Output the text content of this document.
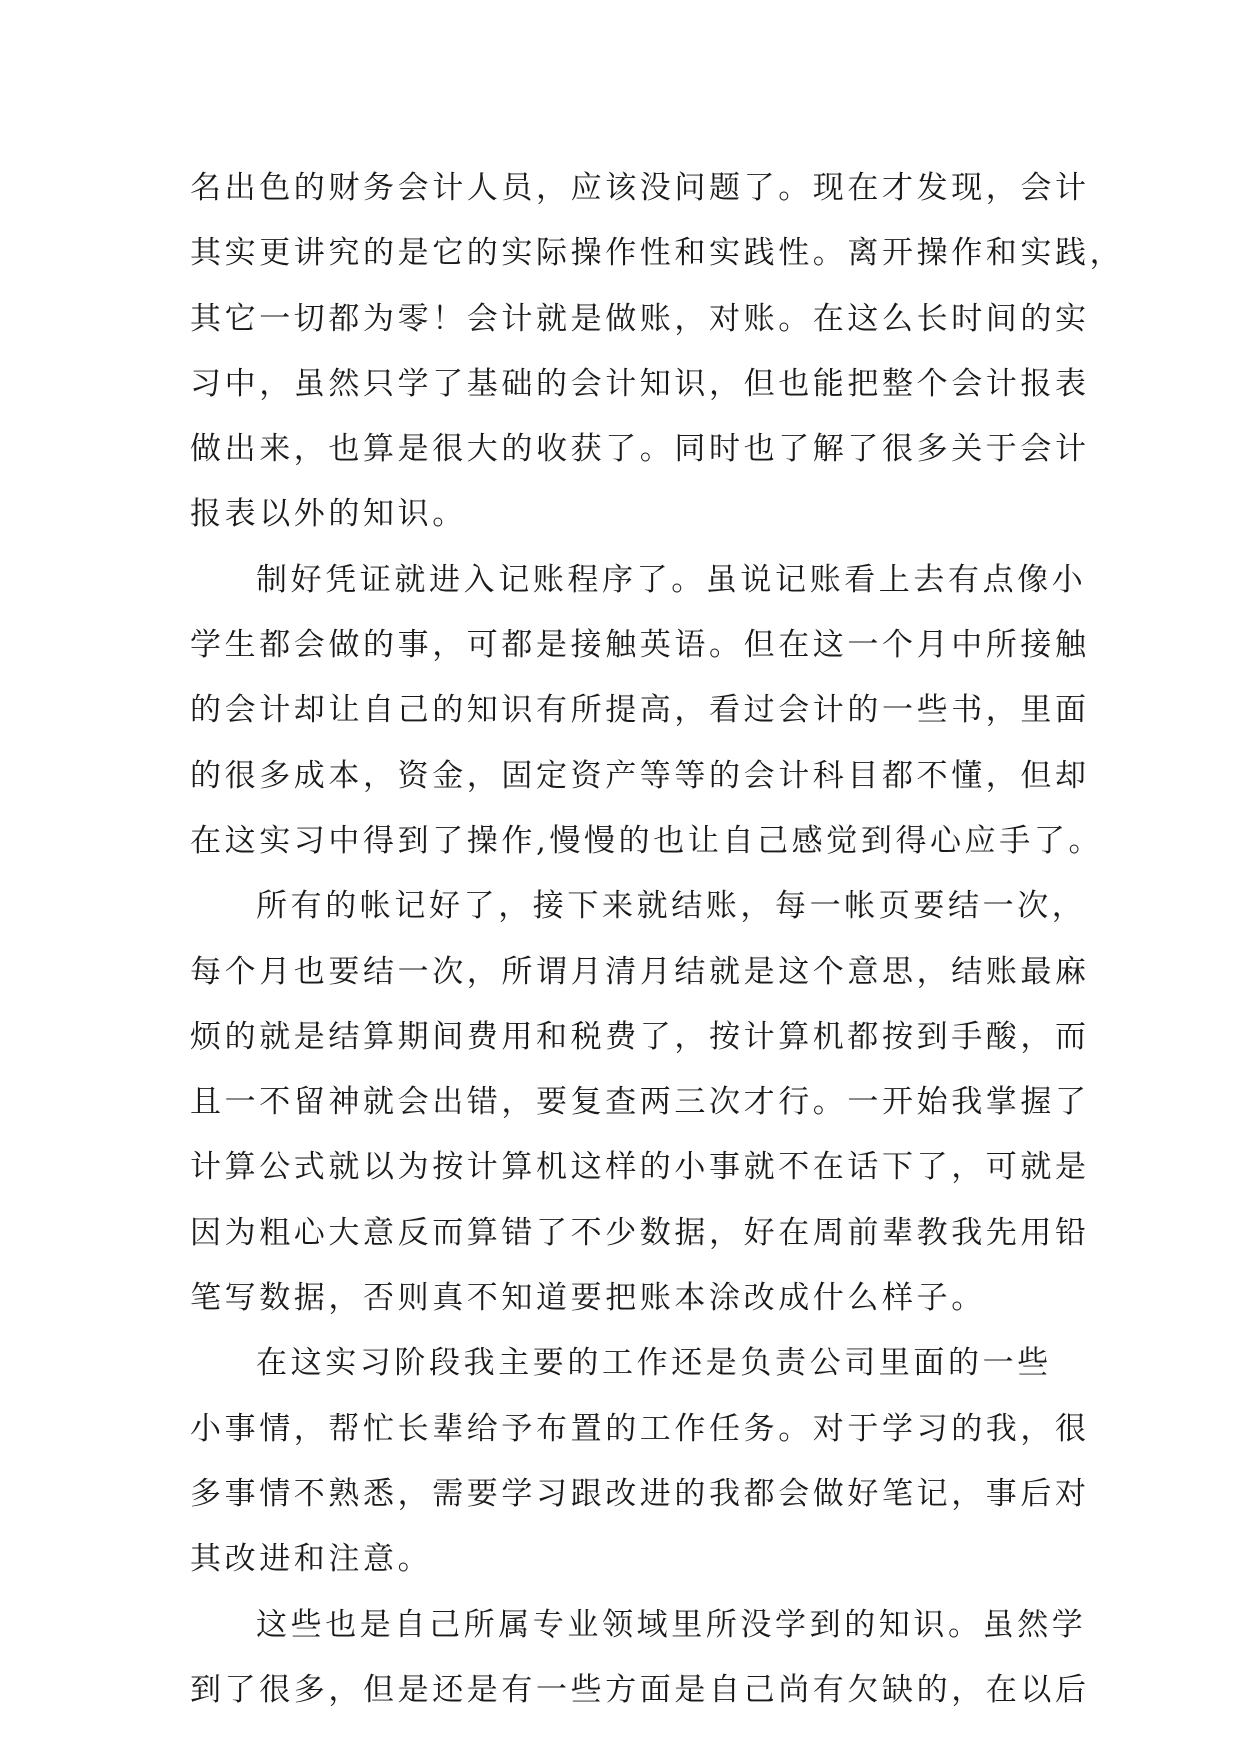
名出色的财务会计人员，应该没问题了。现在才发现，会计
其实更讲究的是它的实际操作性和实践性。离开操作和实践，
其它一切都为零！会计就是做账，对账。在这么长时间的实
习中，虽然只学了基础的会计知识，但也能把整个会计报表
做出来，也算是很大的收获了。同时也了解了很多关于会计
报表以外的知识。
制好凭证就进入记账程序了。虽说记账看上去有点像小
学生都会做的事，可都是接触英语。但在这一个月中所接触
的会计却让自己的知识有所提高，看过会计的一些书，里面
的很多成本，资金，固定资产等等的会计科目都不懂，但却
在这实习中得到了操作,慢慢的也让自己感觉到得心应手了。
所有的帐记好了，接下来就结账，每一帐页要结一次，
每个月也要结一次，所谓月清月结就是这个意思，结账最麻
烦的就是结算期间费用和税费了，按计算机都按到手酸，而
且一不留神就会出错，要复查两三次才行。一开始我掌握了
计算公式就以为按计算机这样的小事就不在话下了，可就是
因为粗心大意反而算错了不少数据，好在周前辈教我先用铅
笔写数据，否则真不知道要把账本涂改成什么样子。
在这实习阶段我主要的工作还是负责公司里面的一些
小事情，帮忙长辈给予布置的工作任务。对于学习的我，很
多事情不熟悉，需要学习跟改进的我都会做好笔记，事后对
其改进和注意。
这些也是自己所属专业领域里所没学到的知识。虽然学
到了很多，但是还是有一些方面是自己尚有欠缺的，在以后
